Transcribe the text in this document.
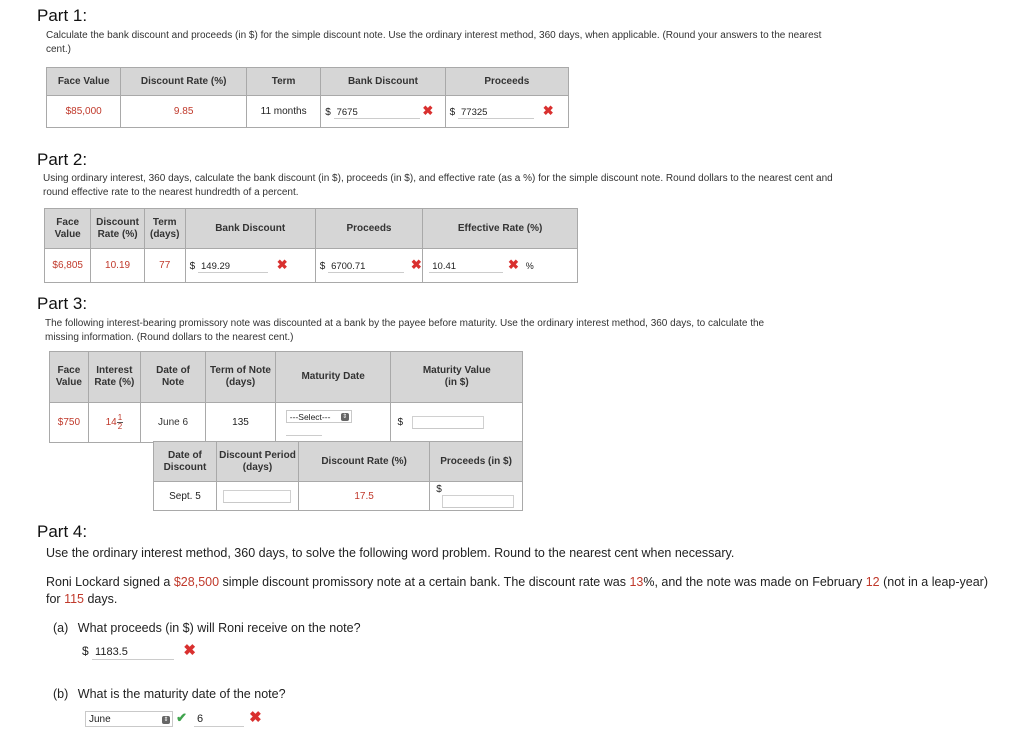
Part 1:
Calculate the bank discount and proceeds (in $) for the simple discount note. Use the ordinary interest method, 360 days, when applicable. (Round your answers to the nearest cent.)
Face Value	Discount Rate (%)	Term	Bank Discount	Proceeds
$85,000	9.85	11 months	$ 7675 ✖	$ 77325 ✖
Part 2:
Using ordinary interest, 360 days, calculate the bank discount (in $), proceeds (in $), and effective rate (as a %) for the simple discount note. Round dollars to the nearest cent and round effective rate to the nearest hundredth of a percent.
Face Value	Discount Rate (%)	Term (days)	Bank Discount	Proceeds	Effective Rate (%)
$6,805	10.19	77	$ 149.29 ✖	$ 6700.71 ✖	10.41 ✖ %
Part 3:
The following interest-bearing promissory note was discounted at a bank by the payee before maturity. Use the ordinary interest method, 360 days, to calculate the missing information. (Round dollars to the nearest cent.)
Face Value	Interest Rate (%)	Date of Note	Term of Note (days)	Maturity Date	Maturity Value (in $)
$750	$14 \frac{1}{2}$	June 6	135	---Select--- ⇕	$
Date of Discount	Discount Period (days)	Discount Rate (%)	Proceeds (in $)
Sept. 5		17.5	$
Part 4:
Use the ordinary interest method, 360 days, to solve the following word problem. Round to the nearest cent when necessary.
Roni Lockard signed a $28,500 simple discount promissory note at a certain bank. The discount rate was 13%, and the note was made on February 12 (not in a leap-year) for 115 days.
(a) What proceeds (in $) will Roni receive on the note?
$ 1183.5	✖
(b) What is the maturity date of the note?
June	⇕ ✔ 6	✖
